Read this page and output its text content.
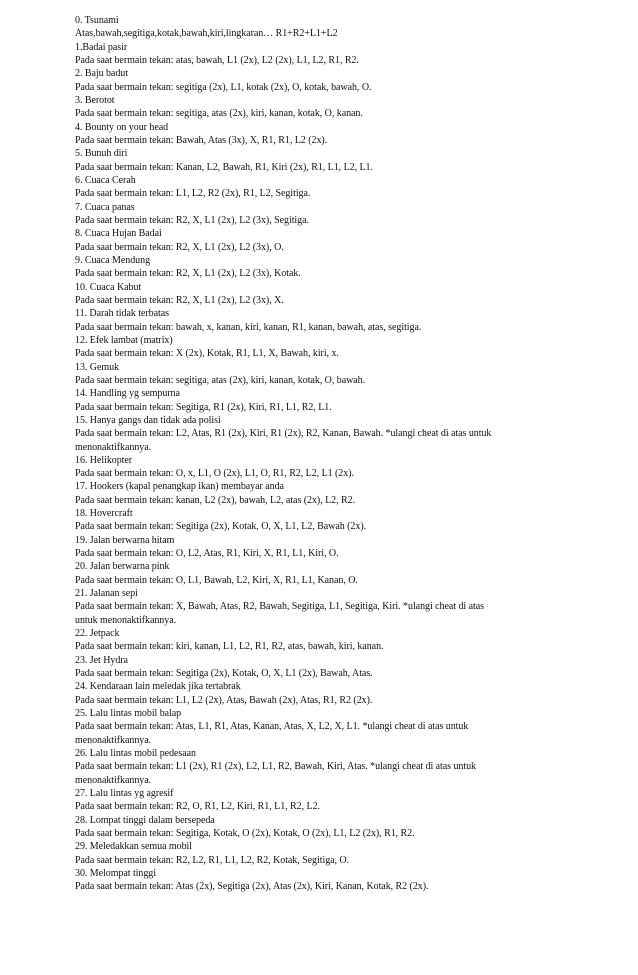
0. Tsunami
Atas,bawah,segitiga,kotak,bawah,kiri,lingkaran… R1+R2+L1+L2
1.Badai pasir
Pada saat bermain tekan: atas, bawah, L1 (2x), L2 (2x), L1, L2, R1, R2.
2. Baju badut
Pada saat bermain tekan: segitiga (2x), L1, kotak (2x), O, kotak, bawah, O.
3. Berotot
Pada saat bermain tekan: segitiga, atas (2x), kiri, kanan, kotak, O, kanan.
4. Bounty on your head
Pada saat bermain tekan: Bawah, Atas (3x), X, R1, R1, L2 (2x).
5. Bunuh diri
Pada saat bermain tekan: Kanan, L2, Bawah, R1, Kiri (2x), R1, L1, L2, L1.
6. Cuaca Cerah
Pada saat bermain tekan: L1, L2, R2 (2x), R1, L2, Segitiga.
7. Cuaca panas
Pada saat bermain tekan: R2, X, L1 (2x), L2 (3x), Segitiga.
8. Cuaca Hujan Badai
Pada saat bermain tekan: R2, X, L1 (2x), L2 (3x), O.
9. Cuaca Mendung
Pada saat bermain tekan: R2, X, L1 (2x), L2 (3x), Kotak.
10. Cuaca Kabut
Pada saat bermain tekan: R2, X, L1 (2x), L2 (3x), X.
11. Darah tidak terbatas
Pada saat bermain tekan: bawah, x, kanan, kiri, kanan, R1, kanan, bawah, atas, segitiga.
12. Efek lambat (matrix)
Pada saat bermain tekan: X (2x), Kotak, R1, L1, X, Bawah, kiri, x.
13. Gemuk
Pada saat bermain tekan: segitiga, atas (2x), kiri, kanan, kotak, O, bawah.
14. Handling yg sempurna
Pada saat bermain tekan: Segitiga, R1 (2x), Kiri, R1, L1, R2, L1.
15. Hanya gangs dan tidak ada polisi
Pada saat bermain tekan: L2, Atas, R1 (2x), Kiri, R1 (2x), R2, Kanan, Bawah. *ulangi cheat di atas untuk
menonaktifkannya.
16. Helikopter
Pada saat bermain tekan: O, x, L1, O (2x), L1, O, R1, R2, L2, L1 (2x).
17. Hookers (kapal penangkap ikan) membayar anda
Pada saat bermain tekan: kanan, L2 (2x), bawah, L2, atas (2x), L2, R2.
18. Hovercraft
Pada saat bermain tekan: Segitiga (2x), Kotak, O, X, L1, L2, Bawah (2x).
19. Jalan berwarna hitam
Pada saat bermain tekan: O, L2, Atas, R1, Kiri, X, R1, L1, Kiri, O.
20. Jalan berwarna pink
Pada saat bermain tekan: O, L1, Bawah, L2, Kiri, X, R1, L1, Kanan, O.
21. Jalanan sepi
Pada saat bermain tekan: X, Bawah, Atas, R2, Bawah, Segitiga, L1, Segitiga, Kiri. *ulangi cheat di atas
untuk menonaktifkannya.
22. Jetpack
Pada saat bermain tekan: kiri, kanan, L1, L2, R1, R2, atas, bawah, kiri, kanan.
23. Jet Hydra
Pada saat bermain tekan: Segitiga (2x), Kotak, O, X, L1 (2x), Bawah, Atas.
24. Kendaraan lain meledak jika tertabrak
Pada saat bermain tekan: L1, L2 (2x), Atas, Bawah (2x), Atas, R1, R2 (2x).
25. Lalu lintas mobil balap
Pada saat bermain tekan: Atas, L1, R1, Atas, Kanan, Atas, X, L2, X, L1. *ulangi cheat di atas untuk
menonaktifkannya.
26. Lalu lintas mobil pedesaan
Pada saat bermain tekan: L1 (2x), R1 (2x), L2, L1, R2, Bawah, Kiri, Atas. *ulangi cheat di atas untuk
menonaktifkannya.
27. Lalu lintas yg agresif
Pada saat bermain tekan: R2, O, R1, L2, Kiri, R1, L1, R2, L2.
28. Lompat tinggi dalam bersepeda
Pada saat bermain tekan: Segitiga, Kotak, O (2x), Kotak, O (2x), L1, L2 (2x), R1, R2.
29. Meledakkan semua mobil
Pada saat bermain tekan: R2, L2, R1, L1, L2, R2, Kotak, Segitiga, O.
30. Melompat tinggi
Pada saat bermain tekan: Atas (2x), Segitiga (2x), Atas (2x), Kiri, Kanan, Kotak, R2 (2x).
